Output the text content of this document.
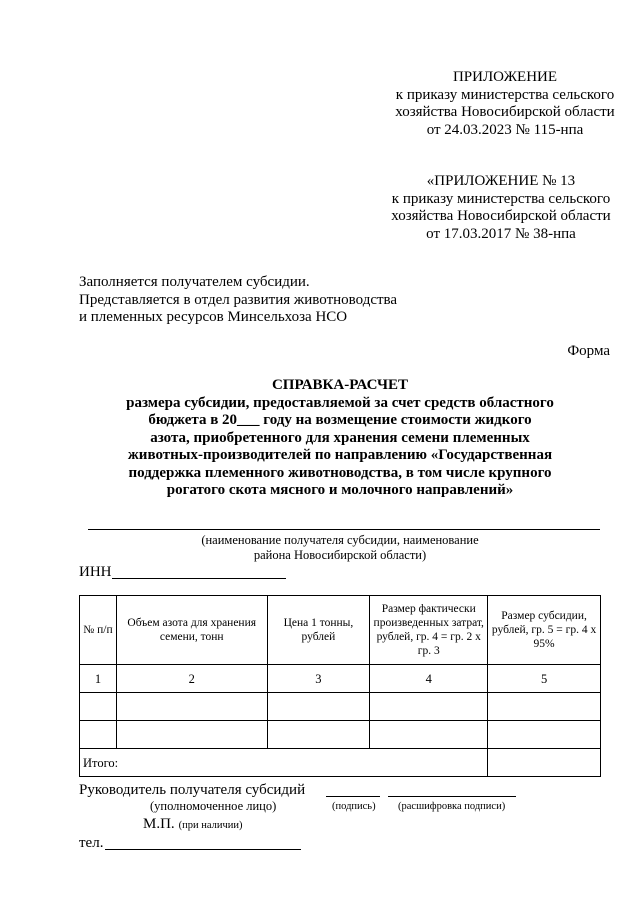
ПРИЛОЖЕНИЕ
к приказу министерства сельского
хозяйства Новосибирской области
от 24.03.2023 № 115-нпа
«ПРИЛОЖЕНИЕ № 13
к приказу министерства сельского
хозяйства Новосибирской области
от 17.03.2017 № 38-нпа
Заполняется получателем субсидии.
Представляется в отдел развития животноводства
и племенных ресурсов Минсельхоза НСО
Форма
СПРАВКА-РАСЧЕТ
размера субсидии, предоставляемой за счет средств областного
бюджета в 20___ году на возмещение стоимости жидкого
азота, приобретенного для хранения семени племенных
животных-производителей по направлению «Государственная
поддержка племенного животноводства, в том числе крупного
рогатого скота мясного и молочного направлений»
(наименование получателя субсидии, наименование
района Новосибирской области)
ИНН
№ п/п	Объем азота для хранения семени, тонн	Цена 1 тонны, рублей	Размер фактически произведенных затрат, рублей, гр. 4 = гр. 2 x гр. 3	Размер субсидии, рублей, гр. 5 = гр. 4 x 95%
1	2	3	4	5

Итого:				
Руководитель получателя субсидий
(уполномоченное лицо)	(подпись) (расшифровка подписи)
М.П. (при наличии)
тел.
